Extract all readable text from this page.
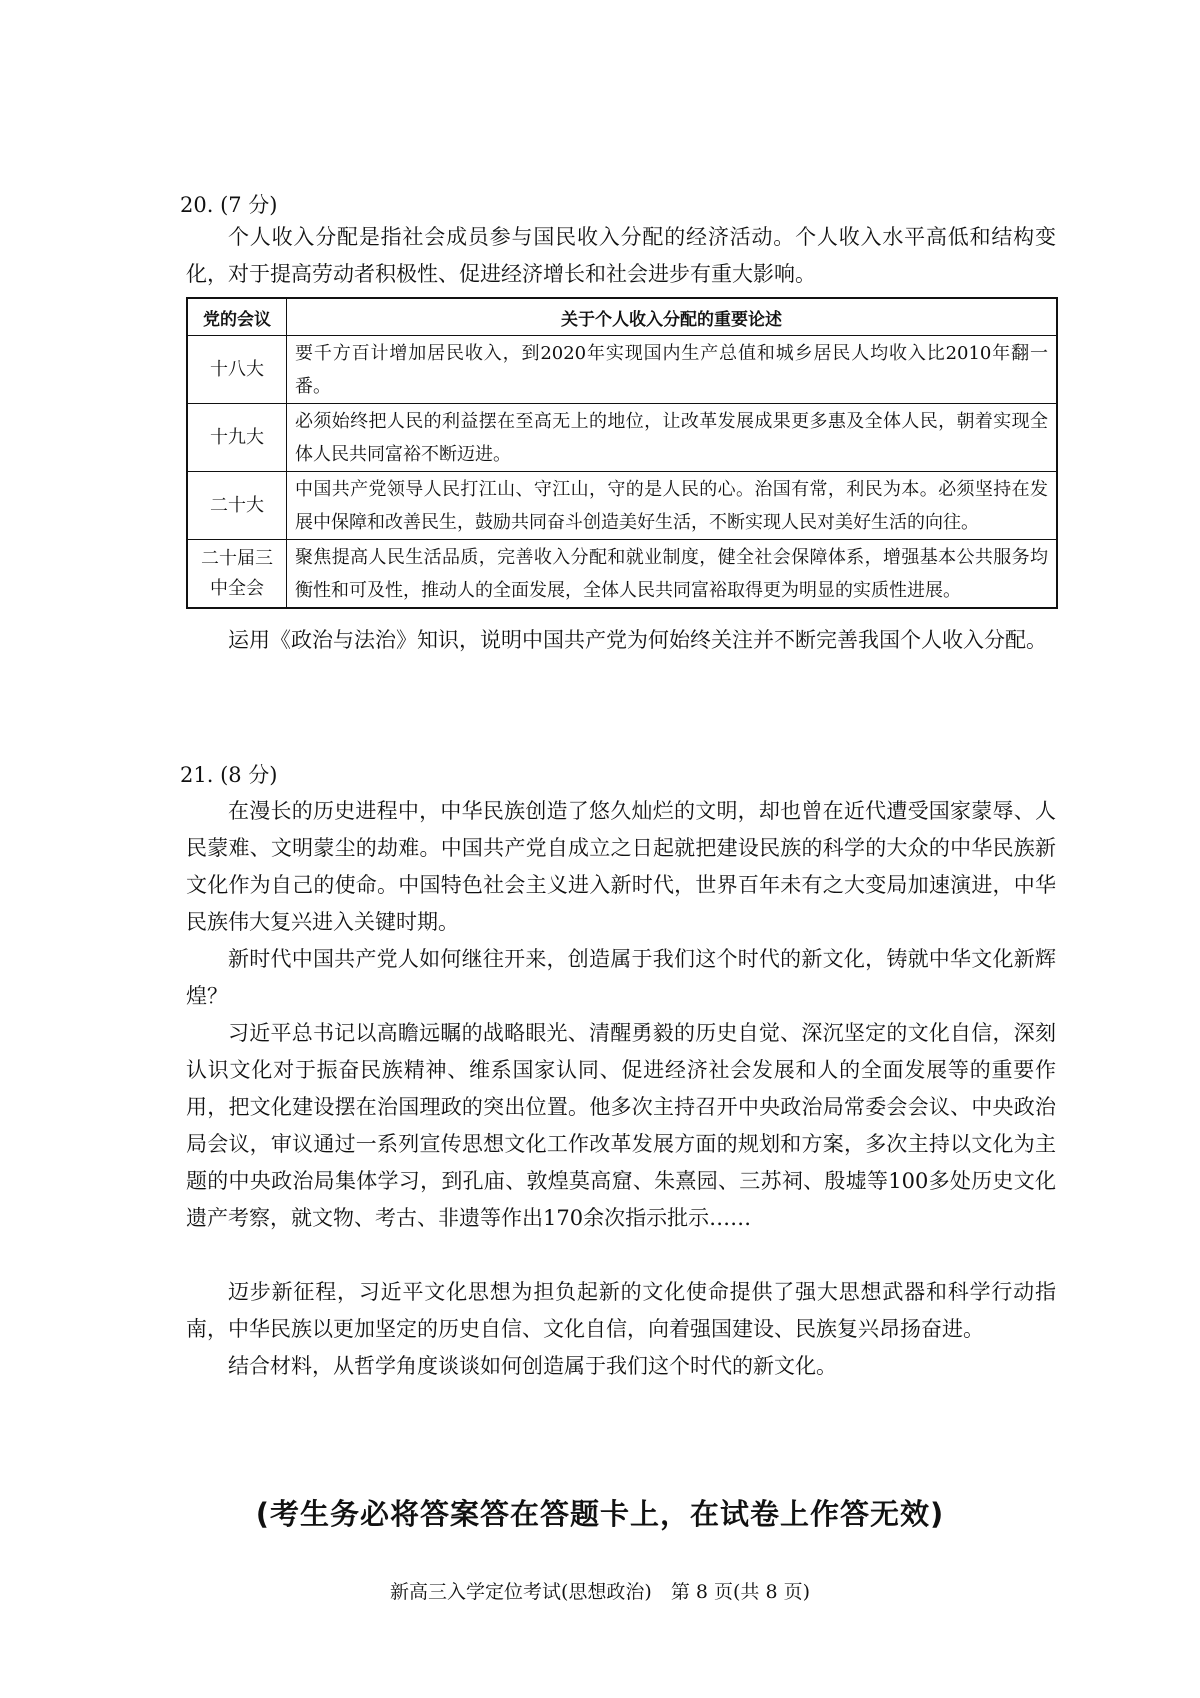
20. (7 分)

个人收入分配是指社会成员参与国民收入分配的经济活动。个人收入水平高低和结构变化，对于提高劳动者积极性、促进经济增长和社会进步有重大影响。

党的会议	关于个人收入分配的重要论述
十八大	要千方百计增加居民收入，到2020年实现国内生产总值和城乡居民人均收入比2010年翻一番。
十九大	必须始终把人民的利益摆在至高无上的地位，让改革发展成果更多惠及全体人民，朝着实现全体人民共同富裕不断迈进。
二十大	中国共产党领导人民打江山、守江山，守的是人民的心。治国有常，利民为本。必须坚持在发展中保障和改善民生，鼓励共同奋斗创造美好生活，不断实现人民对美好生活的向往。
二十届三中全会	聚焦提高人民生活品质，完善收入分配和就业制度，健全社会保障体系，增强基本公共服务均衡性和可及性，推动人的全面发展，全体人民共同富裕取得更为明显的实质性进展。

运用《政治与法治》知识，说明中国共产党为何始终关注并不断完善我国个人收入分配。

21. (8 分)

在漫长的历史进程中，中华民族创造了悠久灿烂的文明，却也曾在近代遭受国家蒙辱、人民蒙难、文明蒙尘的劫难。中国共产党自成立之日起就把建设民族的科学的大众的中华民族新文化作为自己的使命。中国特色社会主义进入新时代，世界百年未有之大变局加速演进，中华民族伟大复兴进入关键时期。

新时代中国共产党人如何继往开来，创造属于我们这个时代的新文化，铸就中华文化新辉煌？

习近平总书记以高瞻远瞩的战略眼光、清醒勇毅的历史自觉、深沉坚定的文化自信，深刻认识文化对于振奋民族精神、维系国家认同、促进经济社会发展和人的全面发展等的重要作用，把文化建设摆在治国理政的突出位置。他多次主持召开中央政治局常委会会议、中央政治局会议，审议通过一系列宣传思想文化工作改革发展方面的规划和方案，多次主持以文化为主题的中央政治局集体学习，到孔庙、敦煌莫高窟、朱熹园、三苏祠、殷墟等100多处历史文化遗产考察，就文物、考古、非遗等作出170余次指示批示……

迈步新征程，习近平文化思想为担负起新的文化使命提供了强大思想武器和科学行动指南，中华民族以更加坚定的历史自信、文化自信，向着强国建设、民族复兴昂扬奋进。

结合材料，从哲学角度谈谈如何创造属于我们这个时代的新文化。

(考生务必将答案答在答题卡上，在试卷上作答无效)
新高三入学定位考试(思想政治)　第 8 页(共 8 页)
